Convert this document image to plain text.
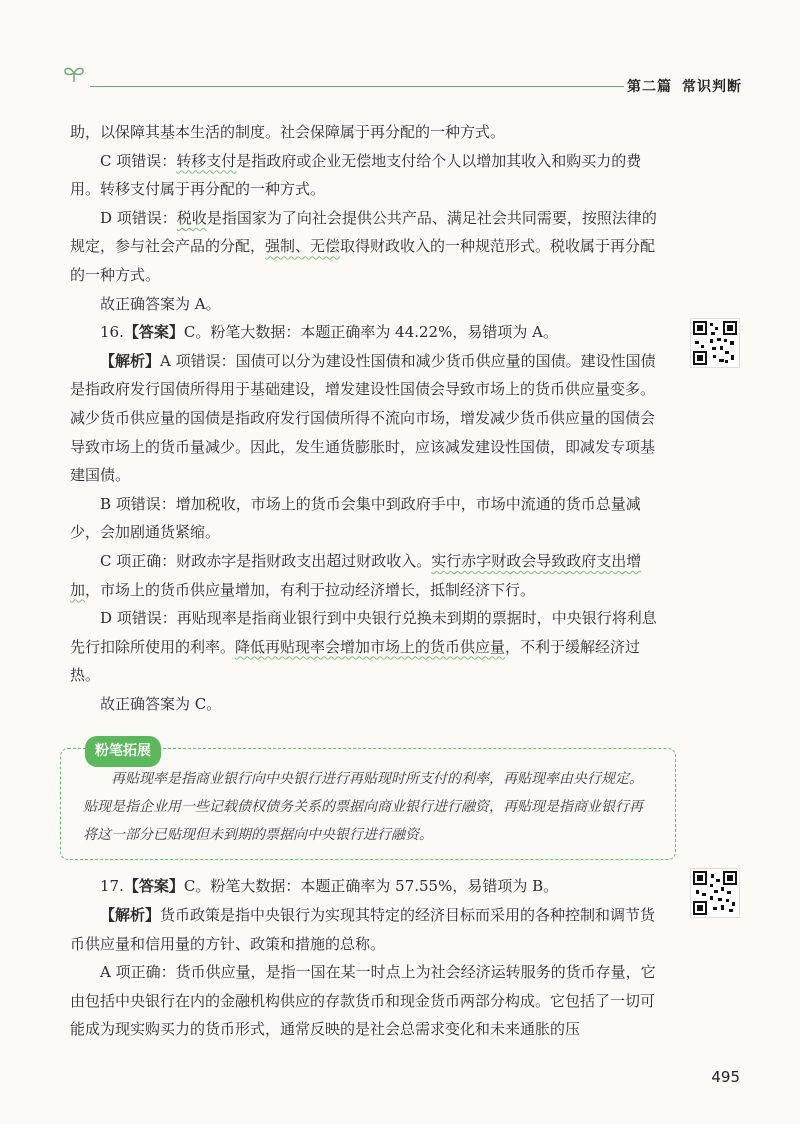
第二篇 常识判断

助，以保障其基本生活的制度。社会保障属于再分配的一种方式。

C 项错误：转移支付是指政府或企业无偿地支付给个人以增加其收入和购买力的费用。转移支付属于再分配的一种方式。

D 项错误：税收是指国家为了向社会提供公共产品、满足社会共同需要，按照法律的规定，参与社会产品的分配，强制、无偿取得财政收入的一种规范形式。税收属于再分配的一种方式。

故正确答案为 A。

16.【答案】C。粉笔大数据：本题正确率为 44.22%，易错项为 A。

【解析】A 项错误：国债可以分为建设性国债和减少货币供应量的国债。建设性国债是指政府发行国债所得用于基础建设，增发建设性国债会导致市场上的货币供应量变多。减少货币供应量的国债是指政府发行国债所得不流向市场，增发减少货币供应量的国债会导致市场上的货币量减少。因此，发生通货膨胀时，应该减发建设性国债，即减发专项基建国债。

B 项错误：增加税收，市场上的货币会集中到政府手中，市场中流通的货币总量减少，会加剧通货紧缩。

C 项正确：财政赤字是指财政支出超过财政收入。实行赤字财政会导致政府支出增加，市场上的货币供应量增加，有利于拉动经济增长，抵制经济下行。

D 项错误：再贴现率是指商业银行到中央银行兑换未到期的票据时，中央银行将利息先行扣除所使用的利率。降低再贴现率会增加市场上的货币供应量，不利于缓解经济过热。

故正确答案为 C。

粉笔拓展
再贴现率是指商业银行向中央银行进行再贴现时所支付的利率，再贴现率由央行规定。贴现是指企业用一些记载债权债务关系的票据向商业银行进行融资，再贴现是指商业银行再将这一部分已贴现但未到期的票据向中央银行进行融资。

17.【答案】C。粉笔大数据：本题正确率为 57.55%，易错项为 B。

【解析】货币政策是指中央银行为实现其特定的经济目标而采用的各种控制和调节货币供应量和信用量的方针、政策和措施的总称。

A 项正确：货币供应量，是指一国在某一时点上为社会经济运转服务的货币存量，它由包括中央银行在内的金融机构供应的存款货币和现金货币两部分构成。它包括了一切可能成为现实购买力的货币形式，通常反映的是社会总需求变化和未来通胀的压

495
